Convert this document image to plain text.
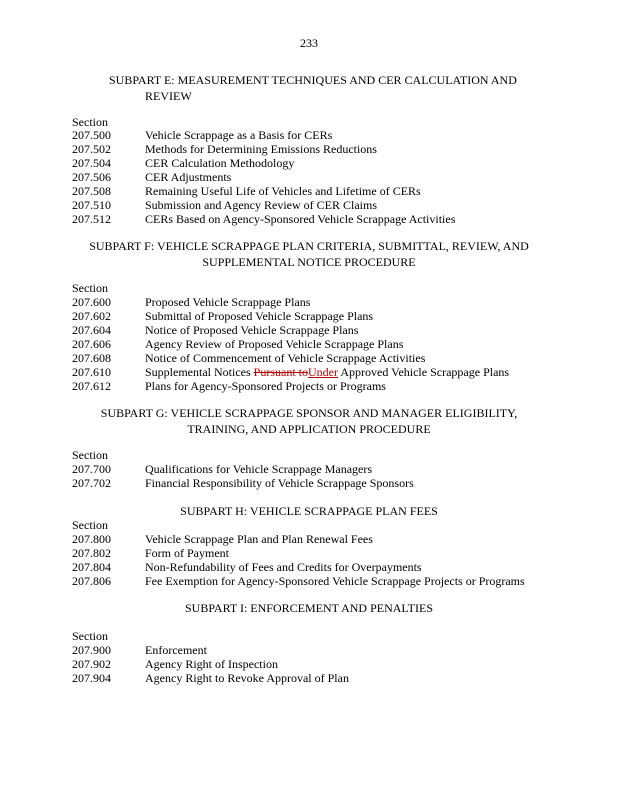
233
SUBPART E: MEASUREMENT TECHNIQUES AND CER CALCULATION AND
REVIEW
Section
207.500	Vehicle Scrappage as a Basis for CERs
207.502	Methods for Determining Emissions Reductions
207.504	CER Calculation Methodology
207.506	CER Adjustments
207.508	Remaining Useful Life of Vehicles and Lifetime of CERs
207.510	Submission and Agency Review of CER Claims
207.512	CERs Based on Agency-Sponsored Vehicle Scrappage Activities
SUBPART F: VEHICLE SCRAPPAGE PLAN CRITERIA, SUBMITTAL, REVIEW, AND
SUPPLEMENTAL NOTICE PROCEDURE
Section
207.600	Proposed Vehicle Scrappage Plans
207.602	Submittal of Proposed Vehicle Scrappage Plans
207.604	Notice of Proposed Vehicle Scrappage Plans
207.606	Agency Review of Proposed Vehicle Scrappage Plans
207.608	Notice of Commencement of Vehicle Scrappage Activities
207.610	Supplemental Notices Pursuant toUnder Approved Vehicle Scrappage Plans
207.612	Plans for Agency-Sponsored Projects or Programs
SUBPART G: VEHICLE SCRAPPAGE SPONSOR AND MANAGER ELIGIBILITY,
TRAINING, AND APPLICATION PROCEDURE
Section
207.700	Qualifications for Vehicle Scrappage Managers
207.702	Financial Responsibility of Vehicle Scrappage Sponsors
SUBPART H: VEHICLE SCRAPPAGE PLAN FEES
Section
207.800	Vehicle Scrappage Plan and Plan Renewal Fees
207.802	Form of Payment
207.804	Non-Refundability of Fees and Credits for Overpayments
207.806	Fee Exemption for Agency-Sponsored Vehicle Scrappage Projects or Programs
SUBPART I: ENFORCEMENT AND PENALTIES
Section
207.900	Enforcement
207.902	Agency Right of Inspection
207.904	Agency Right to Revoke Approval of Plan
